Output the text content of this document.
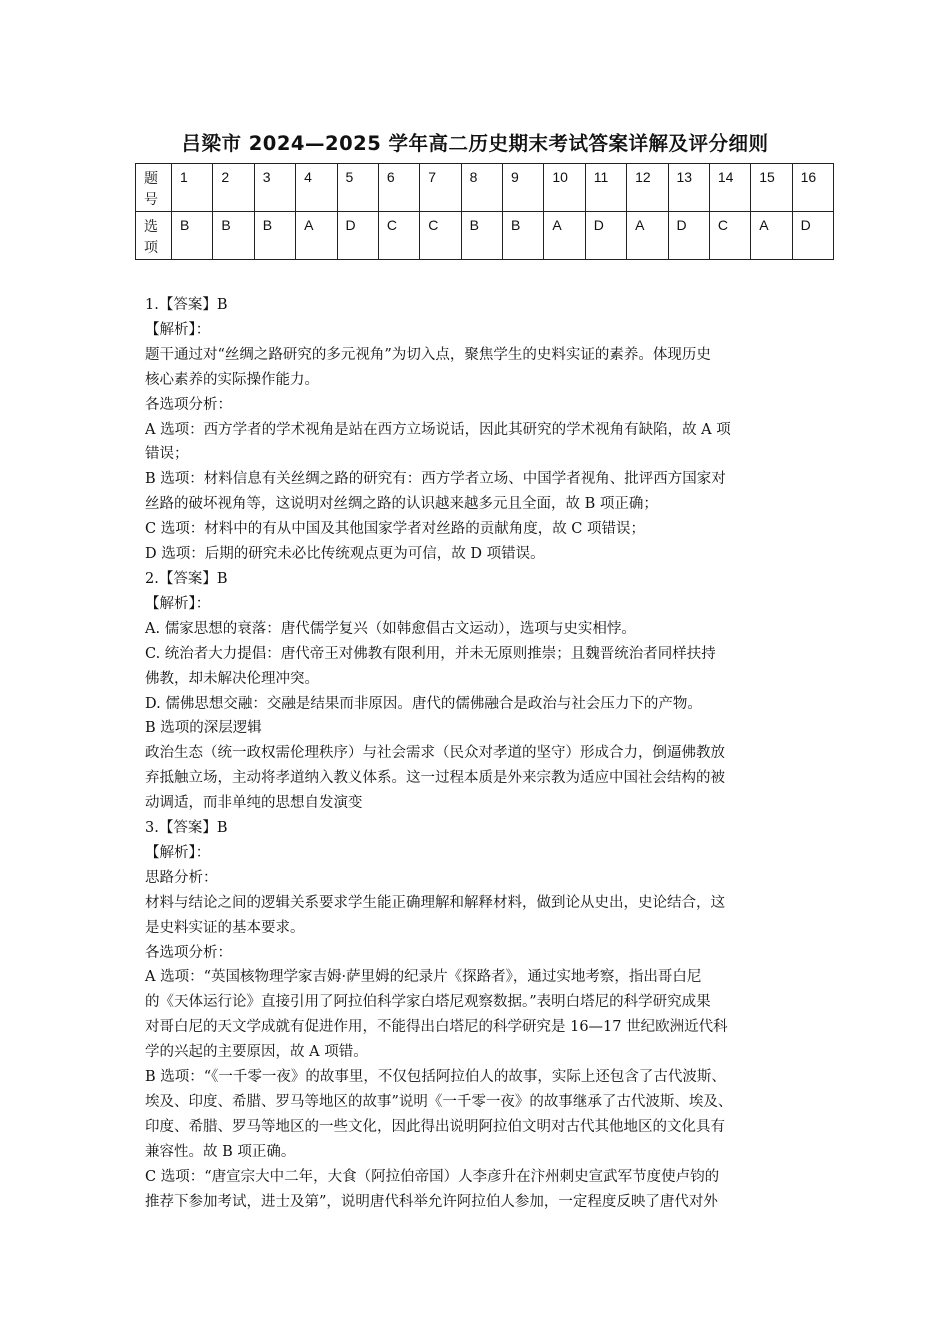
吕梁市 2024—2025 学年高二历史期末考试答案详解及评分细则
题号	1	2	3	4	5	6	7	8	9	10	11	12	13	14	15	16
选项	B	B	B	A	D	C	C	B	B	A	D	A	D	C	A	D

1.【答案】B

【解析】：

题干通过对“丝绸之路研究的多元视角”为切入点，聚焦学生的史料实证的素养。体现历史

核心素养的实际操作能力。

各选项分析：

A 选项：西方学者的学术视角是站在西方立场说话，因此其研究的学术视角有缺陷，故 A 项

错误；

B 选项：材料信息有关丝绸之路的研究有：西方学者立场、中国学者视角、批评西方国家对

丝路的破坏视角等，这说明对丝绸之路的认识越来越多元且全面，故 B 项正确；

C 选项：材料中的有从中国及其他国家学者对丝路的贡献角度，故 C 项错误；

D 选项：后期的研究未必比传统观点更为可信，故 D 项错误。

2.【答案】B

【解析】：

A. 儒家思想的衰落：唐代儒学复兴（如韩愈倡古文运动），选项与史实相悖。

C. 统治者大力提倡：唐代帝王对佛教有限利用，并未无原则推崇；且魏晋统治者同样扶持

佛教，却未解决伦理冲突。

D. 儒佛思想交融：交融是结果而非原因。唐代的儒佛融合是政治与社会压力下的产物。

B 选项的深层逻辑

政治生态（统一政权需伦理秩序）与社会需求（民众对孝道的坚守）形成合力，倒逼佛教放

弃抵触立场，主动将孝道纳入教义体系。这一过程本质是外来宗教为适应中国社会结构的被

动调适，而非单纯的思想自发演变

3.【答案】B

【解析】：

思路分析：

材料与结论之间的逻辑关系要求学生能正确理解和解释材料，做到论从史出，史论结合，这

是史料实证的基本要求。

各选项分析：

A 选项：“英国核物理学家吉姆·萨里姆的纪录片《探路者》，通过实地考察，指出哥白尼

的《天体运行论》直接引用了阿拉伯科学家白塔尼观察数据。”表明白塔尼的科学研究成果

对哥白尼的天文学成就有促进作用，不能得出白塔尼的科学研究是 16—17 世纪欧洲近代科

学的兴起的主要原因，故 A 项错。

B 选项：“《一千零一夜》的故事里，不仅包括阿拉伯人的故事，实际上还包含了古代波斯、

埃及、印度、希腊、罗马等地区的故事”说明《一千零一夜》的故事继承了古代波斯、埃及、

印度、希腊、罗马等地区的一些文化，因此得出说明阿拉伯文明对古代其他地区的文化具有

兼容性。故 B 项正确。

C 选项：“唐宣宗大中二年，大食（阿拉伯帝国）人李彦升在汴州刺史宣武军节度使卢钧的

推荐下参加考试，进士及第”，说明唐代科举允许阿拉伯人参加，一定程度反映了唐代对外
